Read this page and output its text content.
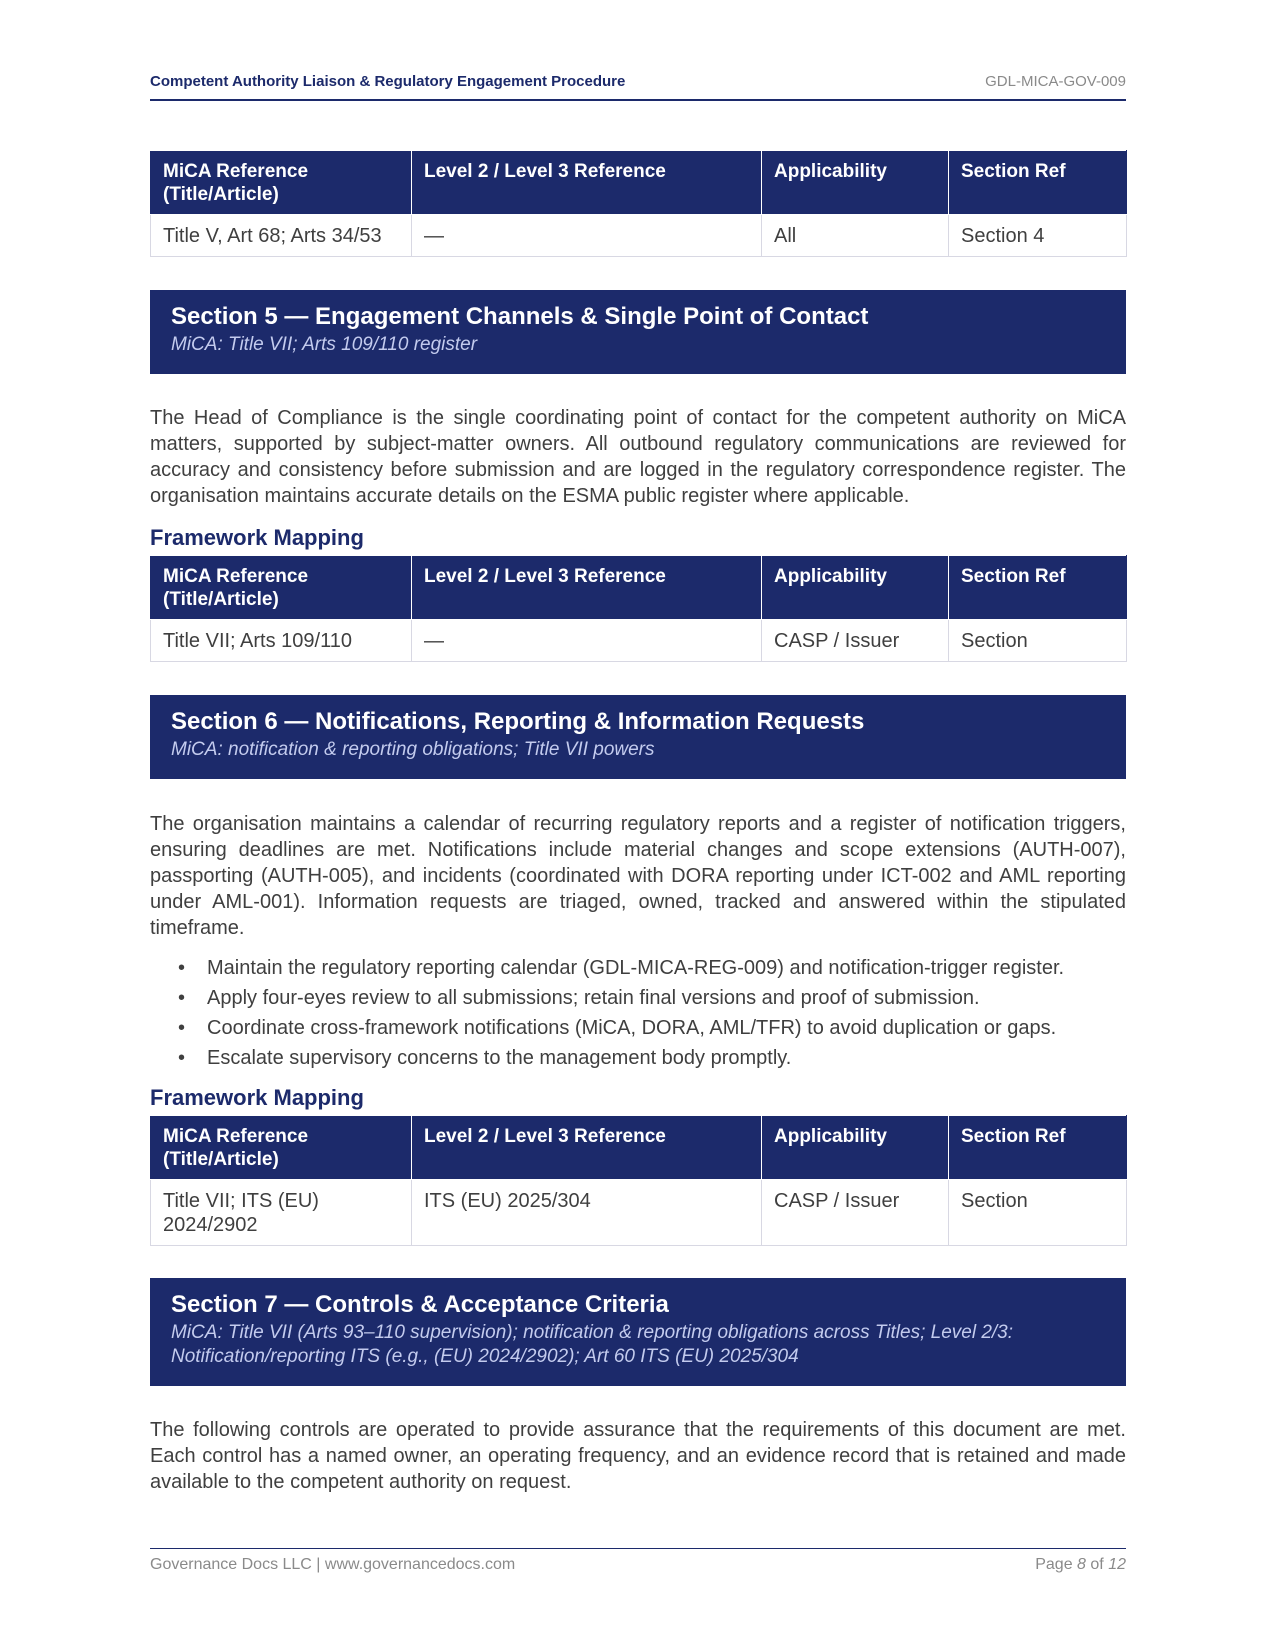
Competent Authority Liaison & Regulatory Engagement Procedure	GDL-MICA-GOV-009
MiCA Reference (Title/Article)	Level 2 / Level 3 Reference	Applicability	Section Ref
Title V, Art 68; Arts 34/53	—	All	Section 4
Section 5 — Engagement Channels & Single Point of Contact
MiCA: Title VII; Arts 109/110 register

The Head of Compliance is the single coordinating point of contact for the competent authority on MiCA matters, supported by subject-matter owners. All outbound regulatory communications are reviewed for accuracy and consistency before submission and are logged in the regulatory correspondence register. The organisation maintains accurate details on the ESMA public register where applicable.

Framework Mapping
MiCA Reference (Title/Article)	Level 2 / Level 3 Reference	Applicability	Section Ref
Title VII; Arts 109/110	—	CASP / Issuer	Section
Section 6 — Notifications, Reporting & Information Requests
MiCA: notification & reporting obligations; Title VII powers

The organisation maintains a calendar of recurring regulatory reports and a register of notification triggers, ensuring deadlines are met. Notifications include material changes and scope extensions (AUTH-007), passporting (AUTH-005), and incidents (coordinated with DORA reporting under ICT-002 and AML reporting under AML-001). Information requests are triaged, owned, tracked and answered within the stipulated timeframe.

• Maintain the regulatory reporting calendar (GDL-MICA-REG-009) and notification-trigger register.
• Apply four-eyes review to all submissions; retain final versions and proof of submission.
• Coordinate cross-framework notifications (MiCA, DORA, AML/TFR) to avoid duplication or gaps.
• Escalate supervisory concerns to the management body promptly.
Framework Mapping
MiCA Reference (Title/Article)	Level 2 / Level 3 Reference	Applicability	Section Ref
Title VII; ITS (EU) 2024/2902	ITS (EU) 2025/304	CASP / Issuer	Section
Section 7 — Controls & Acceptance Criteria
MiCA: Title VII (Arts 93–110 supervision); notification & reporting obligations across Titles; Level 2/3: Notification/reporting ITS (e.g., (EU) 2024/2902); Art 60 ITS (EU) 2025/304

The following controls are operated to provide assurance that the requirements of this document are met. Each control has a named owner, an operating frequency, and an evidence record that is retained and made available to the competent authority on request.

Governance Docs LLC | www.governancedocs.com	Page 8 of 12
